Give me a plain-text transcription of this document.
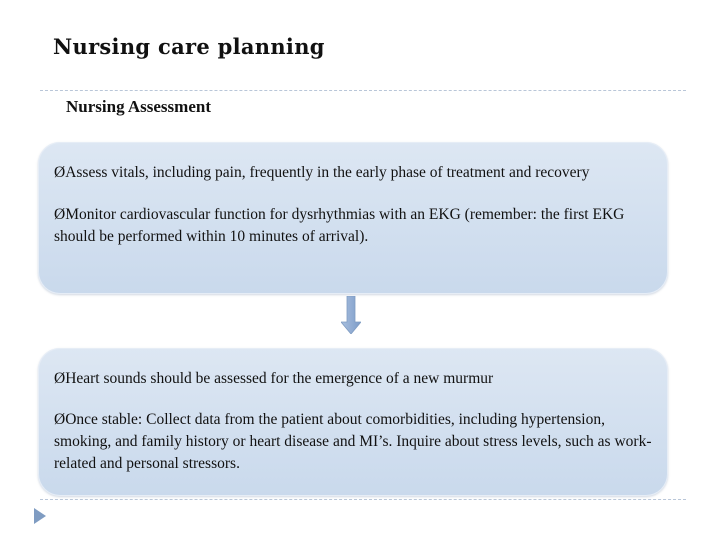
Nursing care planning
Nursing Assessment

ØAssess vitals, including pain, frequently in the early phase of treatment and recovery

ØMonitor cardiovascular function for dysrhythmias with an EKG (remember: the first EKG should be performed within 10 minutes of arrival).

ØHeart sounds should be assessed for the emergence of a new murmur

ØOnce stable: Collect data from the patient about comorbidities, including hypertension, smoking, and family history or heart disease and MI’s. Inquire about stress levels, such as work-related and personal stressors.
